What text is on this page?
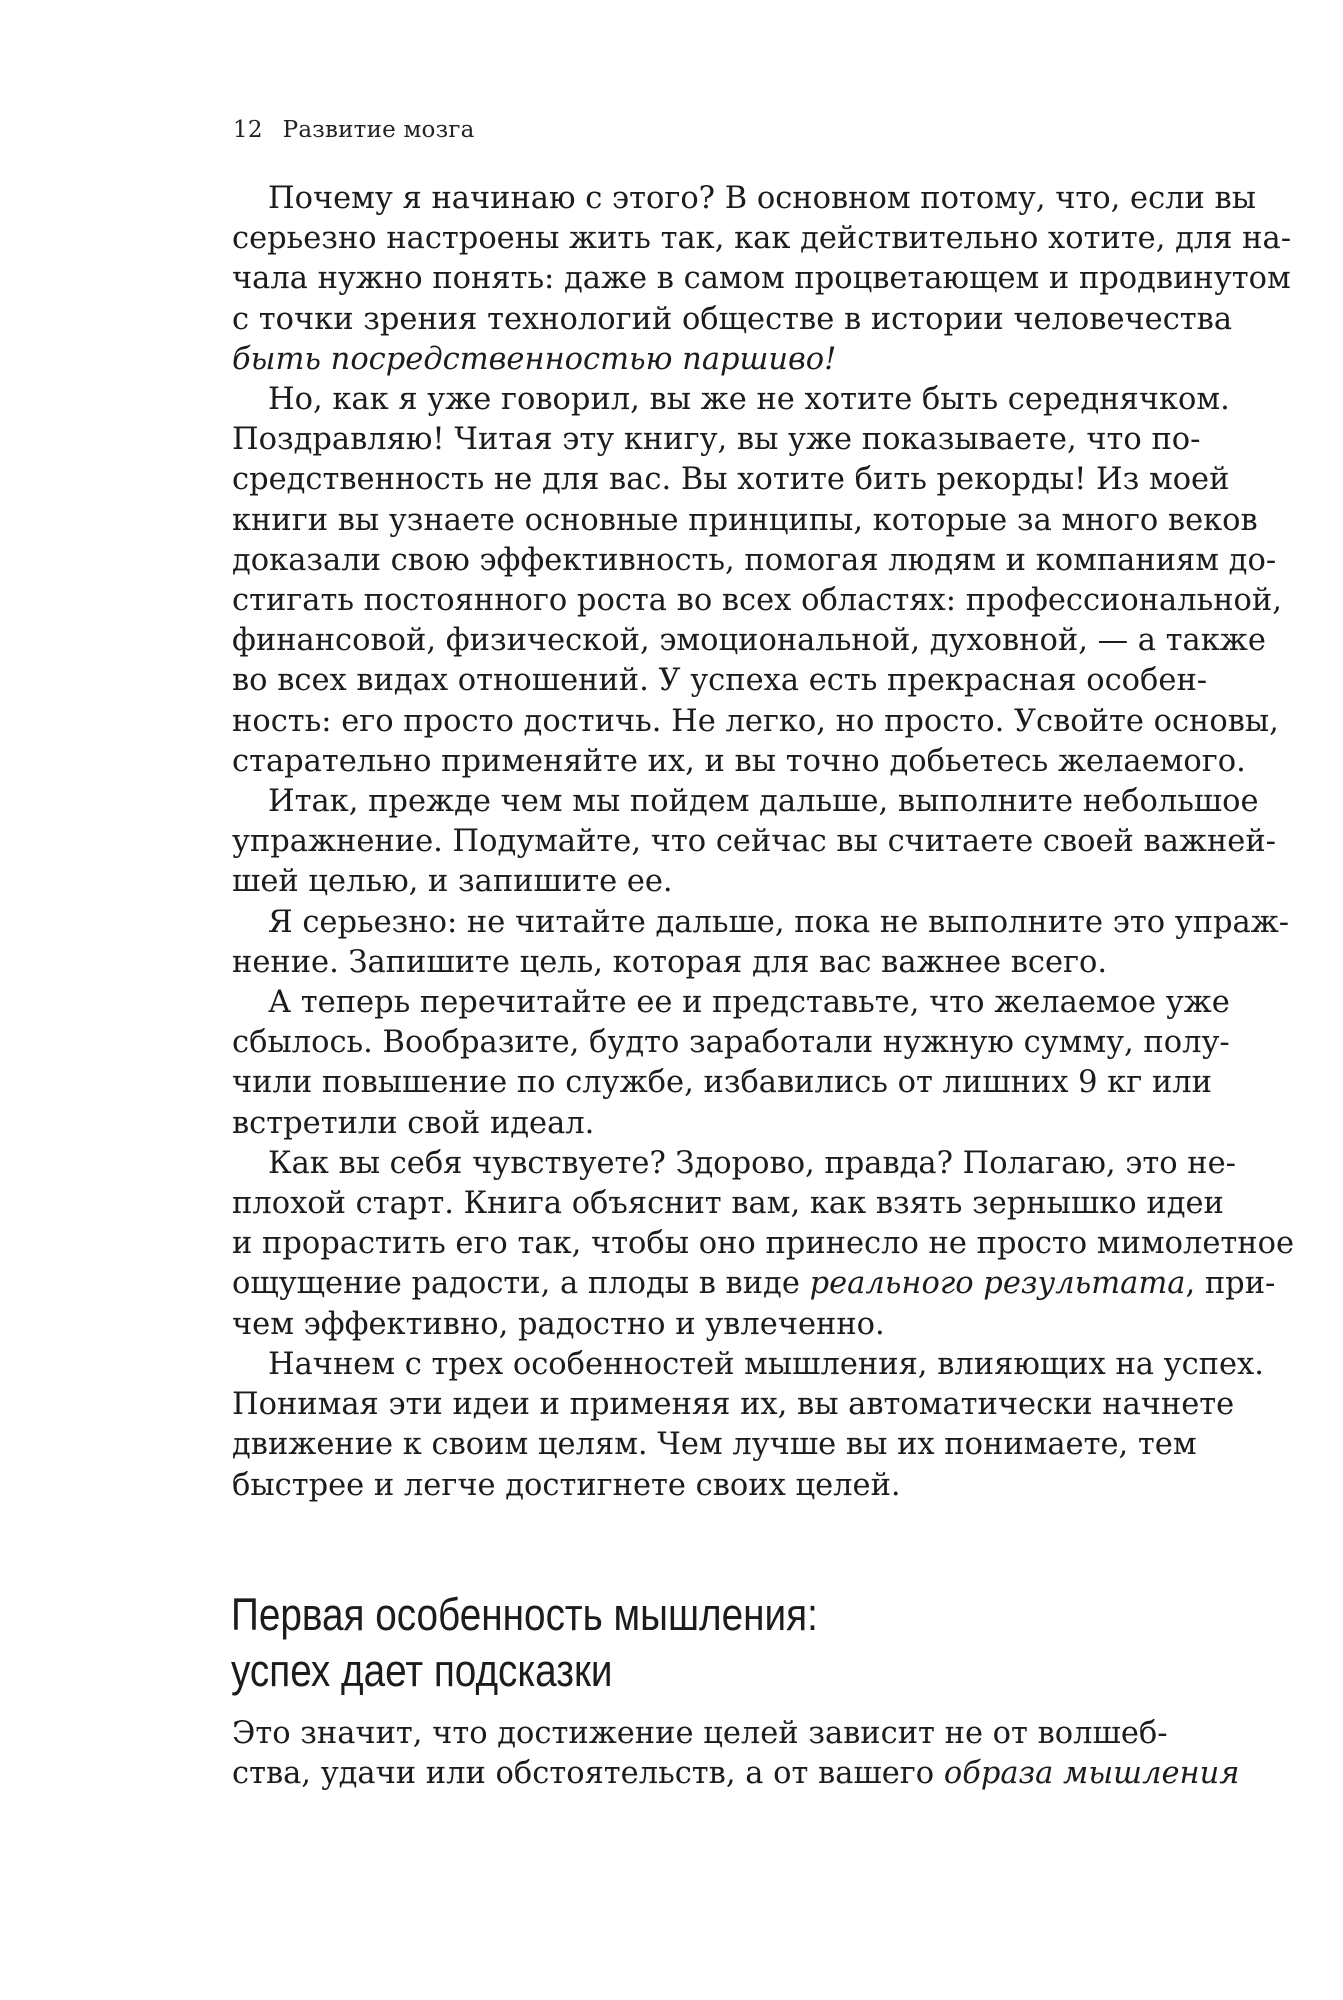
12 Развитие мозга
Почему я начинаю с этого? В основном потому, что, если вы
серьезно настроены жить так, как действительно хотите, для на-
чала нужно понять: даже в самом процветающем и продвинутом
с точки зрения технологий обществе в истории человечества
быть посредственностью паршиво!
Но, как я уже говорил, вы же не хотите быть середнячком.
Поздравляю! Читая эту книгу, вы уже показываете, что по-
средственность не для вас. Вы хотите бить рекорды! Из моей
книги вы узнаете основные принципы, которые за много веков
доказали свою эффективность, помогая людям и компаниям до-
стигать постоянного роста во всех областях: профессиональной,
финансовой, физической, эмоциональной, духовной, — а также
во всех видах отношений. У успеха есть прекрасная особен-
ность: его просто достичь. Не легко, но просто. Усвойте основы,
старательно применяйте их, и вы точно добьетесь желаемого.
Итак, прежде чем мы пойдем дальше, выполните небольшое
упражнение. Подумайте, что сейчас вы считаете своей важней-
шей целью, и запишите ее.
Я серьезно: не читайте дальше, пока не выполните это упраж-
нение. Запишите цель, которая для вас важнее всего.
А теперь перечитайте ее и представьте, что желаемое уже
сбылось. Вообразите, будто заработали нужную сумму, полу-
чили повышение по службе, избавились от лишних 9 кг или
встретили свой идеал.
Как вы себя чувствуете? Здорово, правда? Полагаю, это не-
плохой старт. Книга объяснит вам, как взять зернышко идеи
и прорастить его так, чтобы оно принесло не просто мимолетное
ощущение радости, а плоды в виде реального результата, при-
чем эффективно, радостно и увлеченно.
Начнем с трех особенностей мышления, влияющих на успех.
Понимая эти идеи и применяя их, вы автоматически начнете
движение к своим целям. Чем лучше вы их понимаете, тем
быстрее и легче достигнете своих целей.
Первая особенность мышления:
успех дает подсказки
Это значит, что достижение целей зависит не от волшеб-
ства, удачи или обстоятельств, а от вашего образа мышления
